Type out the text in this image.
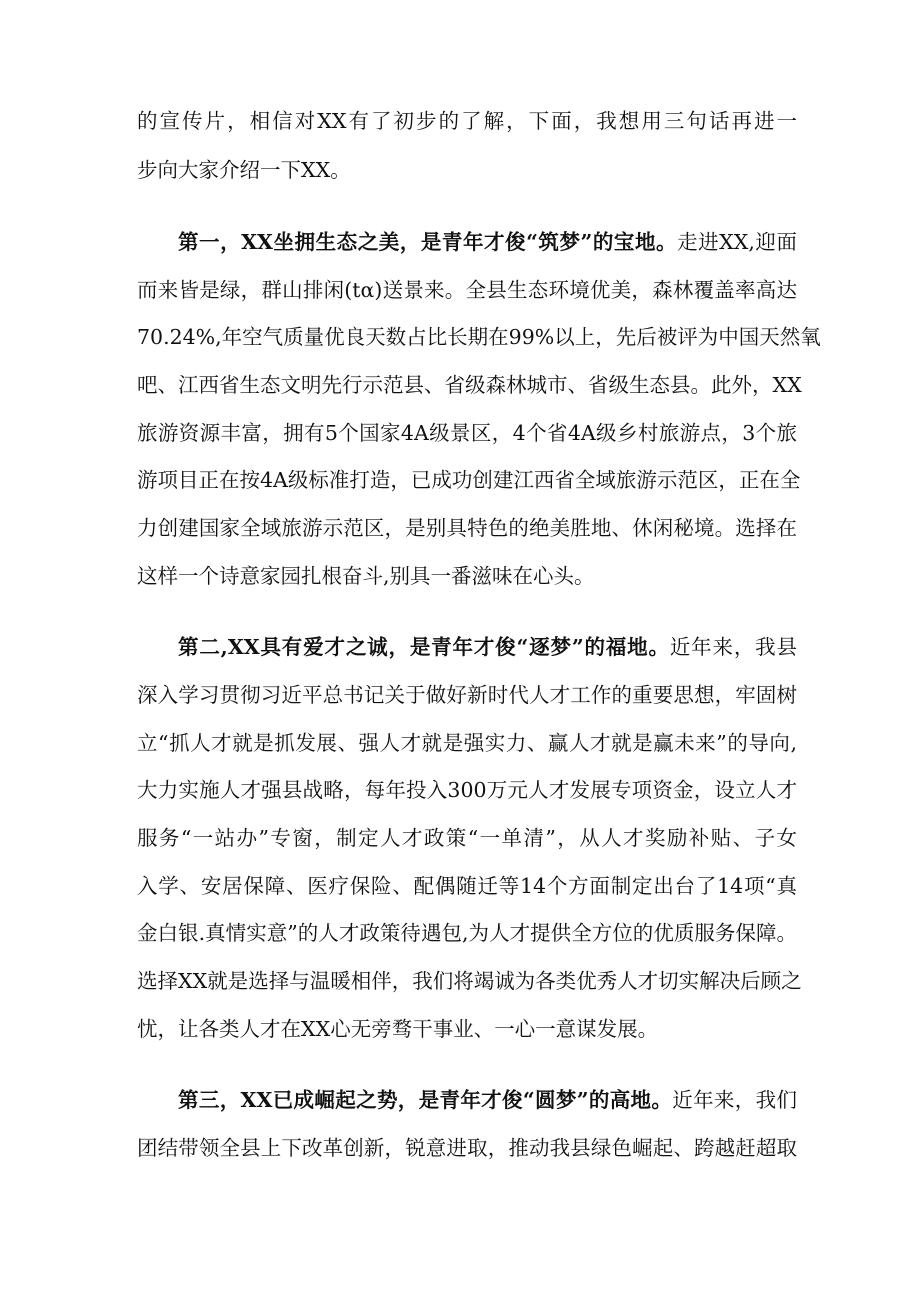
的宣传片，相信对XX有了初步的了解，下面，我想用三句话再进一
步向大家介绍一下XX。
第一，XX坐拥生态之美，是青年才俊“筑梦”的宝地。走进XX,迎面
而来皆是绿，群山排闲(tα)送景来。全县生态环境优美，森林覆盖率高达
70.24%,年空气质量优良天数占比长期在99%以上，先后被评为中国天然氧
吧、江西省生态文明先行示范县、省级森林城市、省级生态县。此外，XX
旅游资源丰富，拥有5个国家4A级景区，4个省4A级乡村旅游点，3个旅
游项目正在按4A级标准打造，已成功创建江西省全域旅游示范区，正在全
力创建国家全域旅游示范区，是别具特色的绝美胜地、休闲秘境。选择在
这样一个诗意家园扎根奋斗,别具一番滋味在心头。
第二,XX具有爱才之诚，是青年才俊“逐梦”的福地。近年来，我县
深入学习贯彻习近平总书记关于做好新时代人才工作的重要思想，牢固树
立“抓人才就是抓发展、强人才就是强实力、赢人才就是赢未来”的导向,
大力实施人才强县战略，每年投入300万元人才发展专项资金，设立人才
服务“一站办”专窗，制定人才政策“一单清”，从人才奖励补贴、子女
入学、安居保障、医疗保险、配偶随迁等14个方面制定出台了14项“真
金白银.真情实意”的人才政策待遇包,为人才提供全方位的优质服务保障。
选择XX就是选择与温暖相伴，我们将竭诚为各类优秀人才切实解决后顾之
忧，让各类人才在XX心无旁骛干事业、一心一意谋发展。
第三，XX已成崛起之势，是青年才俊“圆梦”的高地。近年来，我们
团结带领全县上下改革创新，锐意进取，推动我县绿色崛起、跨越赶超取
